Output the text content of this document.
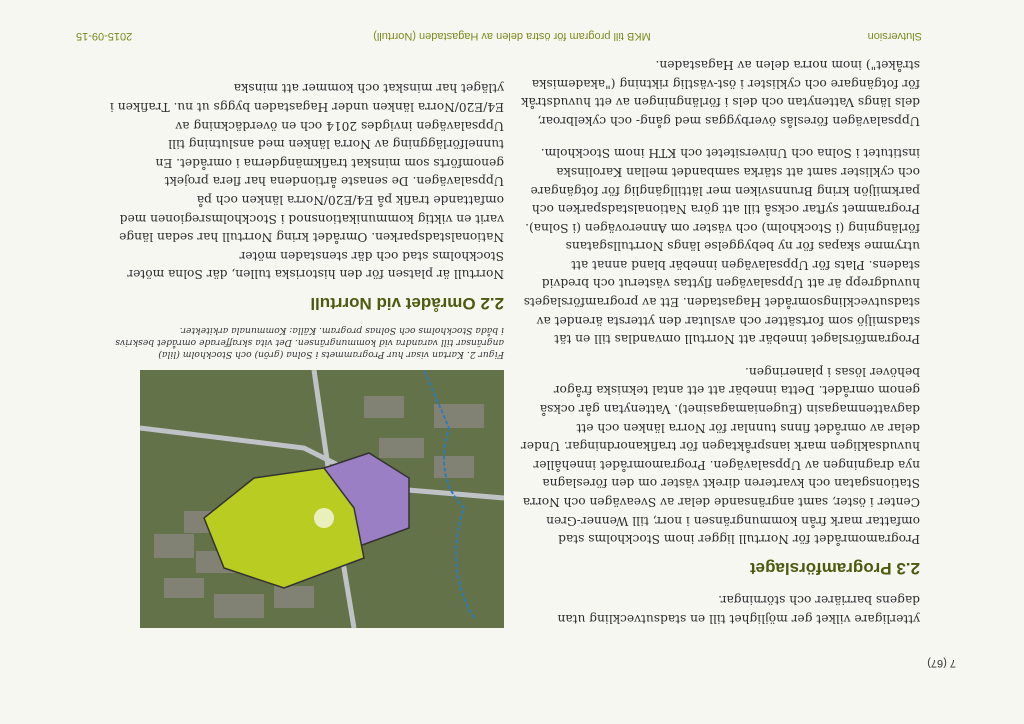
Slutversion
MKB till program för östra delen av Hagastaden (Norrtull)
2015-09-15
7 (67)

ytterligare vilket ger möjlighet till en stadsutveckling utan dagens barriärer och störningar.

2.3 Programförslaget

Programområdet för Norrtull ligger inom Stockholms stad omfattar mark från kommungränsen i norr, till Wenner-Gren Center i öster, samt angränsande delar av Sveavägen och Norra Stationsgatan och kvarteren direkt väster om den föreslagna nya dragningen av Uppsalavägen. Programområdet innehåller huvudsakligen mark ianspråktagen för trafikanordningar. Under delar av området finns tunnlar för Norra länken och ett dagvattenmagasin (Eugeniamagasinet). Vattenytan går också genom området. Detta innebär att ett antal tekniska frågor behöver lösas i planeringen.

Programförslaget innebär att Norrtull omvandlas till en tät stadsmiljö som fortsätter och avslutar den ytterstа ärendet av stadsutvecklingsområdet Hagastaden. Ett av programförslagets huvudgrepp är att Uppsalavägen flyttas västerut och bredvid stadens. Plats för Uppsalavägen innebär bland annat att utrymme skapas för ny bebyggelse längs Norrtullsgatans förlängning (i Stockholm) och väster om Annerovägen (i Solna). Programmet syftar också till att göra Nationalstadsparken och parkmiljön kring Brunnsviken mer lättillgänglig för fotgängare och cyklister samt att stärka sambandet mellan Karolinska institutet i Solna och Universitetet och KTH inom Stockholm.

Uppsalavägen föreslås överbyggas med gång- och cykelbroar, dels längs Vattenytan och dels i förlängningen av ett huvudstråk för fotgängare och cyklister i öst-västlig riktning ("akademiska stråket") inom norra delen av Hagastaden.

Figur 2. Kartan visar hur Programmets i Solna (grön) och Stockholm (lila) angränsar till varandra vid kommungränsen. Det vita skrafferade området beskrivs i båda Stockholms och Solnas program. Källa: Kommunala arkitekter.
2.2 Området vid Norrtull

Norrtull är platsen för den historiska tullen, där Solna möter Stockholms stad och där stenstaden möter Nationalstadsparken. Området kring Norrtull har sedan länge varit en viktig kommunikationsnod i Stockholmsregionen med omfattande trafik på E4/E20/Norra länken och på Uppsalavägen. De senaste årtiondena har flera projekt genomförts som minskat trafikmängderna i området. En tunnelförläggning av Norra länken med anslutning till Uppsalavägen invigdes 2014 och en överdäckning av E4/E20/Norra länken under Hagastaden byggs ut nu. Trafiken i ytläget har minskat och kommer att minska
